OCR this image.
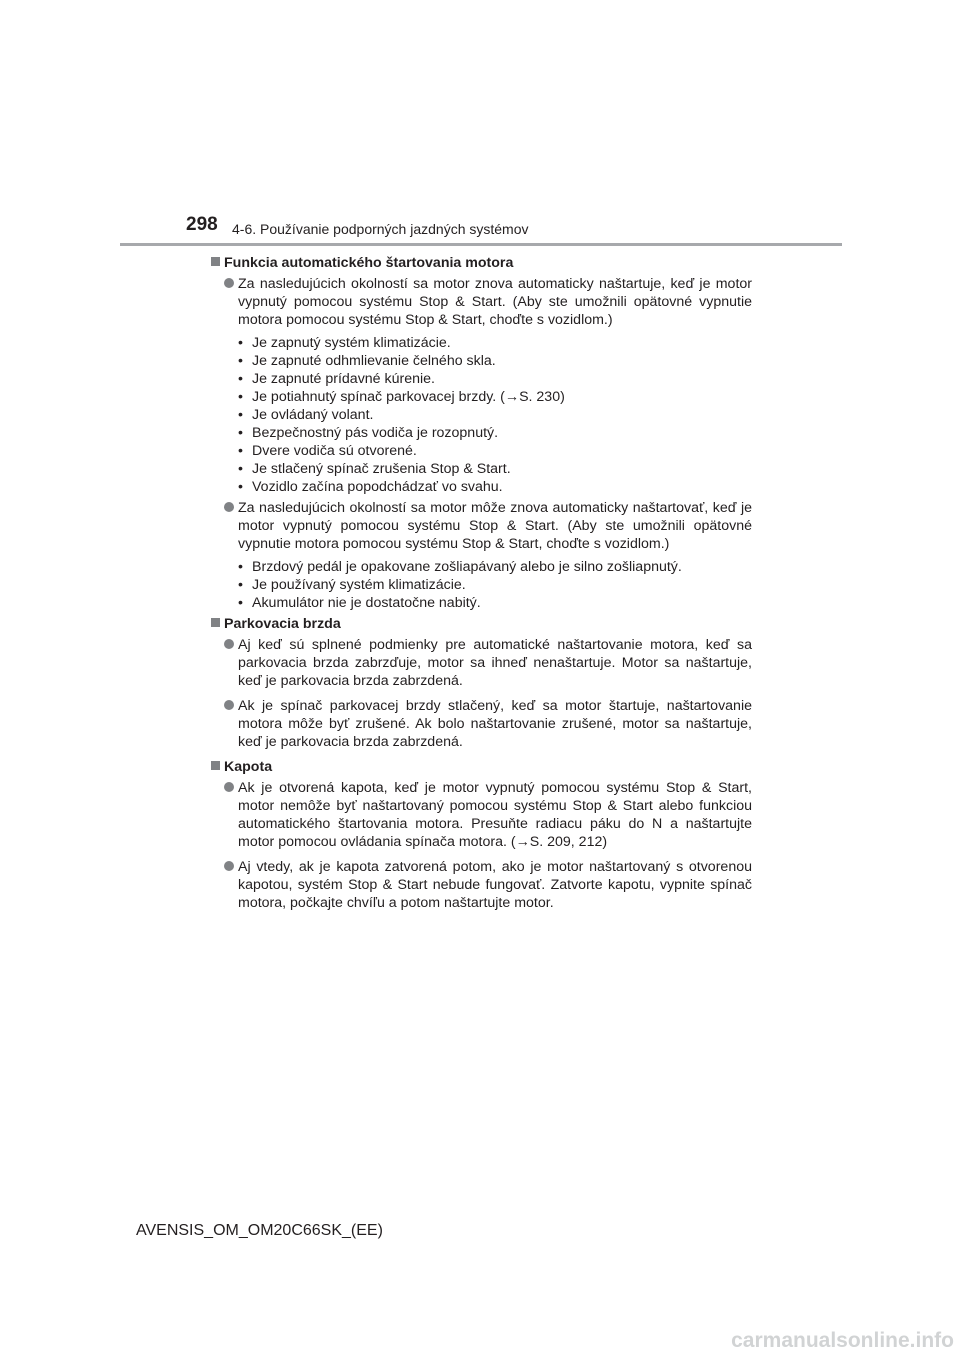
298 4-6. Používanie podporných jazdných systémov
Funkcia automatického štartovania motora
Za nasledujúcich okolností sa motor znova automaticky naštartuje, keď je motor vypnutý pomocou systému Stop & Start. (Aby ste umožnili opätovné vypnutie motora pomocou systému Stop & Start, choďte s vozidlom.)
• Je zapnutý systém klimatizácie.
• Je zapnuté odhmlievanie čelného skla.
• Je zapnuté prídavné kúrenie.
• Je potiahnutý spínač parkovacej brzdy. (→S. 230)
• Je ovládaný volant.
• Bezpečnostný pás vodiča je rozopnutý.
• Dvere vodiča sú otvorené.
• Je stlačený spínač zrušenia Stop & Start.
• Vozidlo začína popodchádzať vo svahu.
Za nasledujúcich okolností sa motor môže znova automaticky naštartovať, keď je motor vypnutý pomocou systému Stop & Start. (Aby ste umožnili opätovné vypnutie motora pomocou systému Stop & Start, choďte s vozidlom.)
• Brzdový pedál je opakovane zošliapávaný alebo je silno zošliapnutý.
• Je používaný systém klimatizácie.
• Akumulátor nie je dostatočne nabitý.
Parkovacia brzda
Aj keď sú splnené podmienky pre automatické naštartovanie motora, keď sa parkovacia brzda zabrzďuje, motor sa ihneď nenaštartuje. Motor sa naštartuje, keď je parkovacia brzda zabrzdená.
Ak je spínač parkovacej brzdy stlačený, keď sa motor štartuje, naštartovanie motora môže byť zrušené. Ak bolo naštartovanie zrušené, motor sa naštartuje, keď je parkovacia brzda zabrzdená.
Kapota
Ak je otvorená kapota, keď je motor vypnutý pomocou systému Stop & Start, motor nemôže byť naštartovaný pomocou systému Stop & Start alebo funkciou automatického štartovania motora. Presuňte radiacu páku do N a naštartujte motor pomocou ovládania spínača motora. (→S. 209, 212)
Aj vtedy, ak je kapota zatvorená potom, ako je motor naštartovaný s otvorenou kapotou, systém Stop & Start nebude fungovať. Zatvorte kapotu, vypnite spínač motora, počkajte chvíľu a potom naštartujte motor.
AVENSIS_OM_OM20C66SK_(EE)
carmanualsonline.info
